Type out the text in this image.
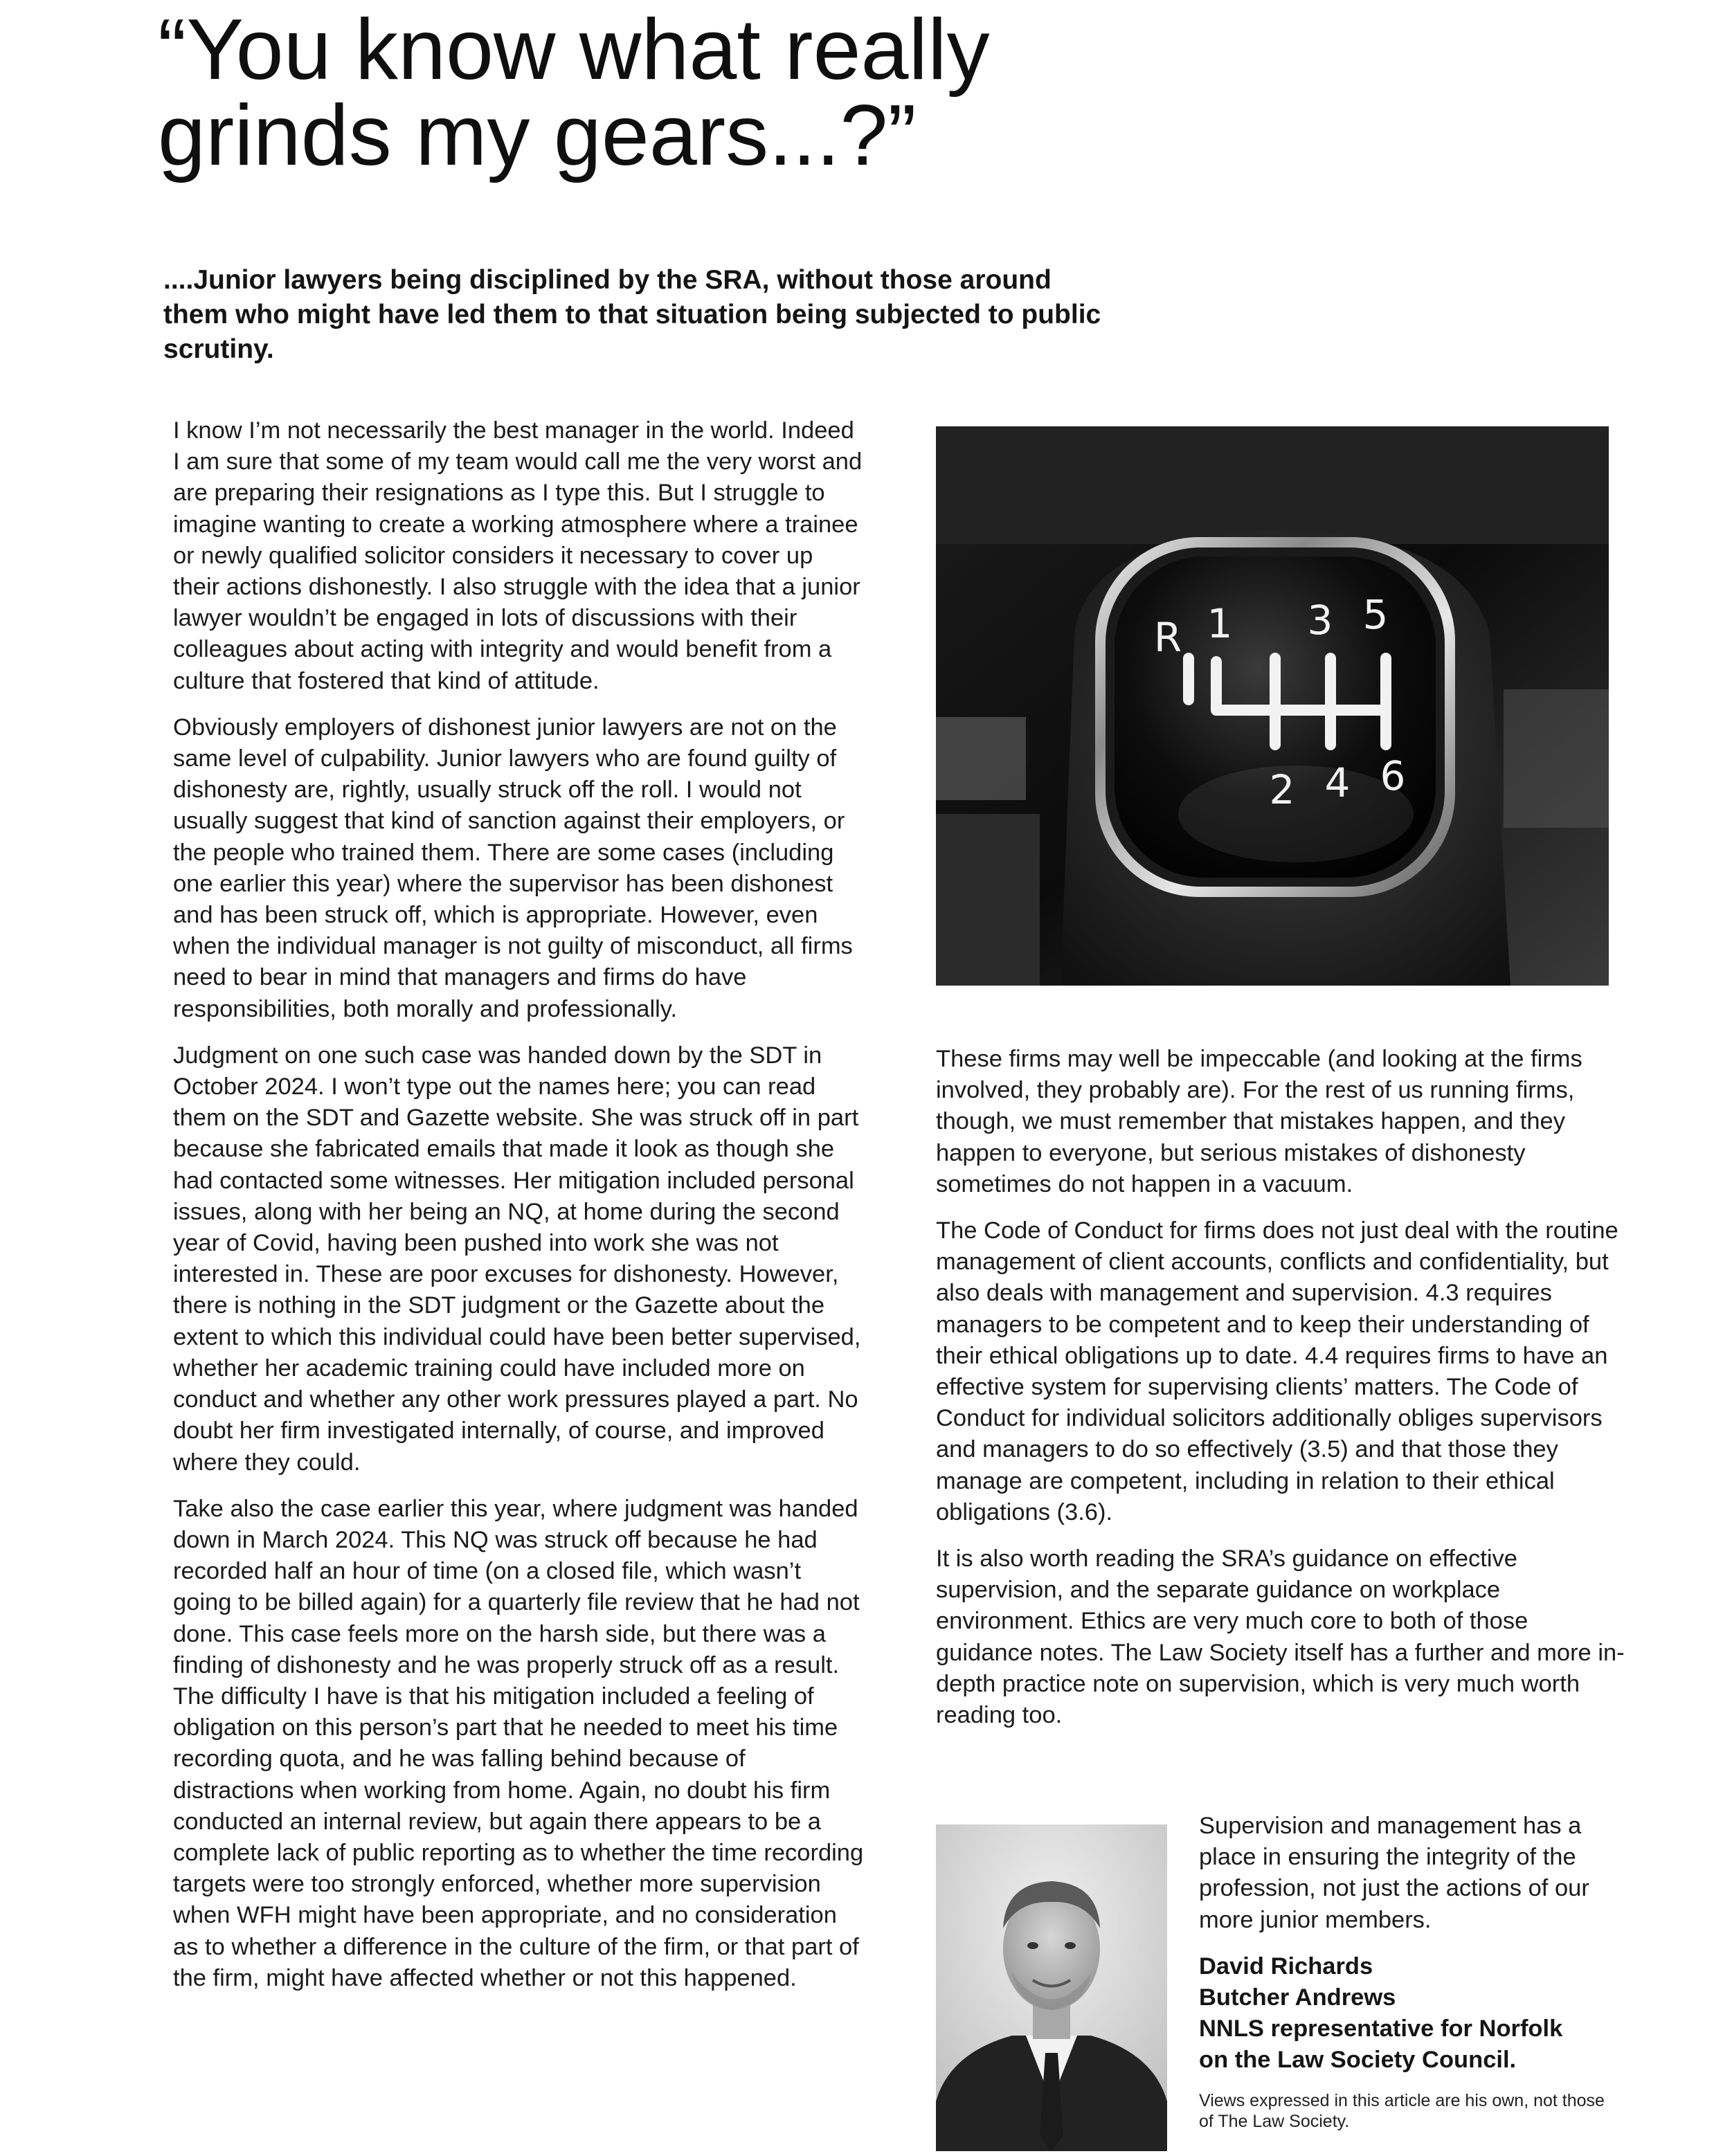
“You know what really
grinds my gears...?”

....Junior lawyers being disciplined by the SRA, without those around them who might have led them to that situation being subjected to public scrutiny.

I know I’m not necessarily the best manager in the world. Indeed I am sure that some of my team would call me the very worst and are preparing their resignations as I type this. But I struggle to imagine wanting to create a working atmosphere where a trainee or newly qualified solicitor considers it necessary to cover up their actions dishonestly. I also struggle with the idea that a junior lawyer wouldn’t be engaged in lots of discussions with their colleagues about acting with integrity and would benefit from a culture that fostered that kind of attitude.

Obviously employers of dishonest junior lawyers are not on the same level of culpability. Junior lawyers who are found guilty of dishonesty are, rightly, usually struck off the roll. I would not usually suggest that kind of sanction against their employers, or the people who trained them. There are some cases (including one earlier this year) where the supervisor has been dishonest and has been struck off, which is appropriate. However, even when the individual manager is not guilty of misconduct, all firms need to bear in mind that managers and firms do have responsibilities, both morally and professionally.

Judgment on one such case was handed down by the SDT in October 2024. I won’t type out the names here; you can read them on the SDT and Gazette website. She was struck off in part because she fabricated emails that made it look as though she had contacted some witnesses. Her mitigation included personal issues, along with her being an NQ, at home during the second year of Covid, having been pushed into work she was not interested in. These are poor excuses for dishonesty. However, there is nothing in the SDT judgment or the Gazette about the extent to which this individual could have been better supervised, whether her academic training could have included more on conduct and whether any other work pressures played a part. No doubt her firm investigated internally, of course, and improved where they could.

Take also the case earlier this year, where judgment was handed down in March 2024. This NQ was struck off because he had recorded half an hour of time (on a closed file, which wasn’t going to be billed again) for a quarterly file review that he had not done. This case feels more on the harsh side, but there was a finding of dishonesty and he was properly struck off as a result. The difficulty I have is that his mitigation included a feeling of obligation on this person’s part that he needed to meet his time recording quota, and he was falling behind because of distractions when working from home. Again, no doubt his firm conducted an internal review, but again there appears to be a complete lack of public reporting as to whether the time recording targets were too strongly enforced, whether more supervision when WFH might have been appropriate, and no consideration as to whether a difference in the culture of the firm, or that part of the firm, might have affected whether or not this happened.

R 1 3 5
2 4 6

These firms may well be impeccable (and looking at the firms involved, they probably are). For the rest of us running firms, though, we must remember that mistakes happen, and they happen to everyone, but serious mistakes of dishonesty sometimes do not happen in a vacuum.

The Code of Conduct for firms does not just deal with the routine management of client accounts, conflicts and confidentiality, but also deals with management and supervision. 4.3 requires managers to be competent and to keep their understanding of their ethical obligations up to date. 4.4 requires firms to have an effective system for supervising clients’ matters. The Code of Conduct for individual solicitors additionally obliges supervisors and managers to do so effectively (3.5) and that those they manage are competent, including in relation to their ethical obligations (3.6).

It is also worth reading the SRA’s guidance on effective supervision, and the separate guidance on workplace environment. Ethics are very much core to both of those guidance notes. The Law Society itself has a further and more in-depth practice note on supervision, which is very much worth reading too.

Supervision and management has a place in ensuring the integrity of the profession, not just the actions of our more junior members.

David Richards
Butcher Andrews
NNLS representative for Norfolk
on the Law Society Council.

Views expressed in this article are his own, not those of The Law Society.
